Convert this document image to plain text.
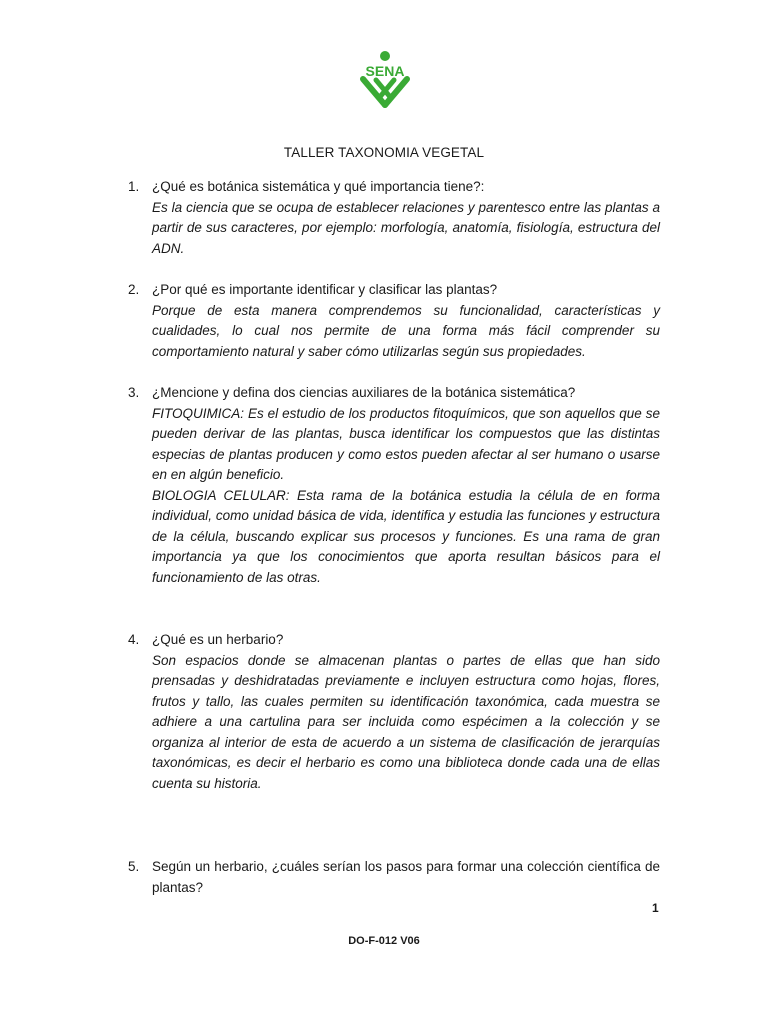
SENA
TALLER TAXONOMIA VEGETAL
1. ¿Qué es botánica sistemática y qué importancia tiene?:

Es la ciencia que se ocupa de establecer relaciones y parentesco entre las plantas a partir de sus caracteres, por ejemplo: morfología, anatomía, fisiología, estructura del ADN.

2. ¿Por qué es importante identificar y clasificar las plantas?

Porque de esta manera comprendemos su funcionalidad, características y cualidades, lo cual nos permite de una forma más fácil comprender su comportamiento natural y saber cómo utilizarlas según sus propiedades.

3. ¿Mencione y defina dos ciencias auxiliares de la botánica sistemática?

FITOQUIMICA: Es el estudio de los productos fitoquímicos, que son aquellos que se pueden derivar de las plantas, busca identificar los compuestos que las distintas especias de plantas producen y como estos pueden afectar al ser humano o usarse en en algún beneficio.

BIOLOGIA CELULAR: Esta rama de la botánica estudia la célula de en forma individual, como unidad básica de vida, identifica y estudia las funciones y estructura de la célula, buscando explicar sus procesos y funciones. Es una rama de gran importancia ya que los conocimientos que aporta resultan básicos para el funcionamiento de las otras.

4. ¿Qué es un herbario?

Son espacios donde se almacenan plantas o partes de ellas que han sido prensadas y deshidratadas previamente e incluyen estructura como hojas, flores, frutos y tallo, las cuales permiten su identificación taxonómica, cada muestra se adhiere a una cartulina para ser incluida como espécimen a la colección y se organiza al interior de esta de acuerdo a un sistema de clasificación de jerarquías taxonómicas, es decir el herbario es como una biblioteca donde cada una de ellas cuenta su historia.

5. Según un herbario, ¿cuáles serían los pasos para formar una colección científica de plantas?
1
DO-F-012 V06
